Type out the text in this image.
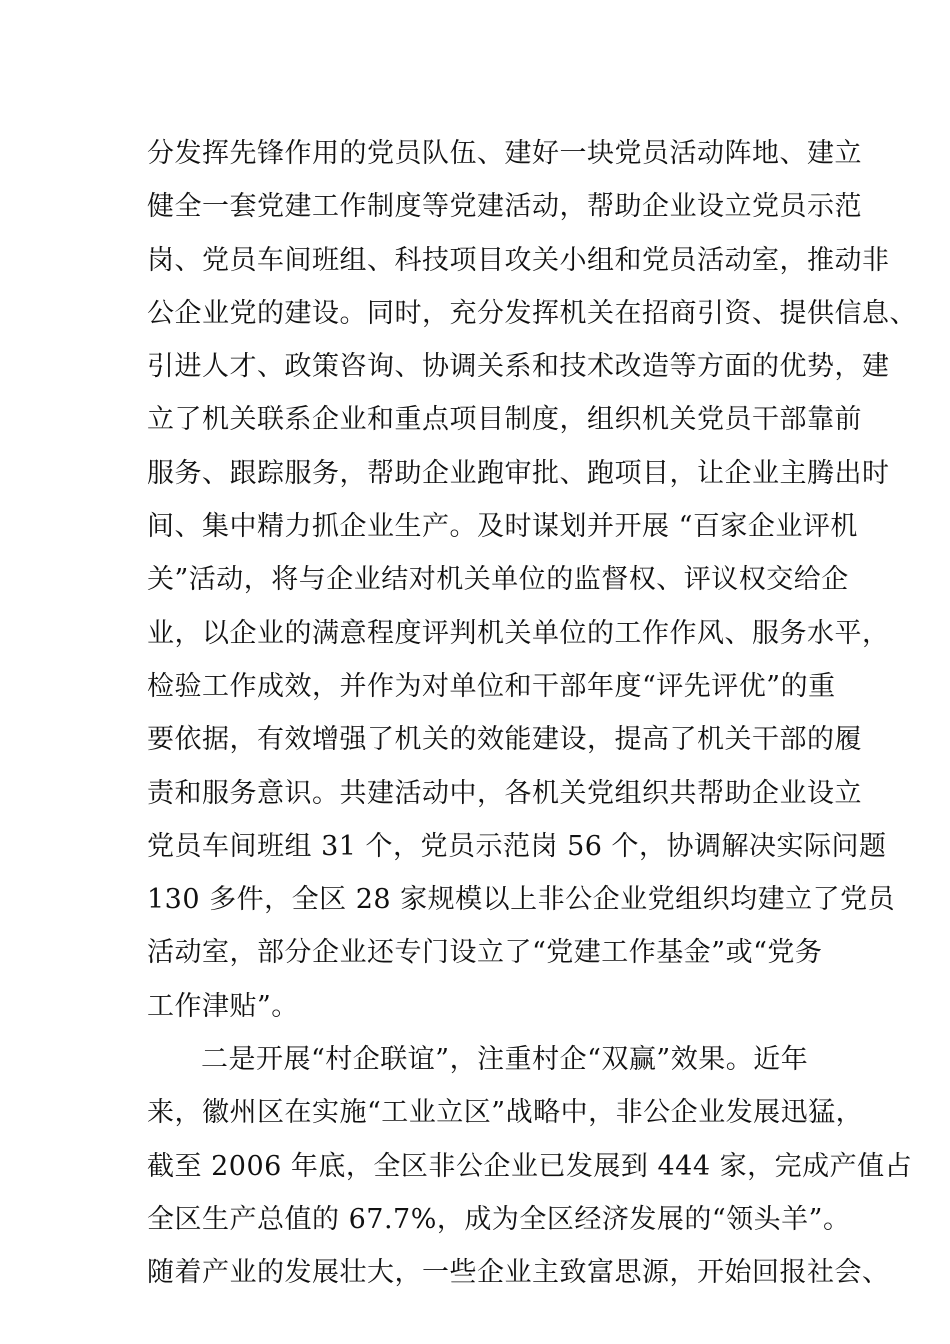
分发挥先锋作用的党员队伍、建好一块党员活动阵地、建立
健全一套党建工作制度等党建活动，帮助企业设立党员示范
岗、党员车间班组、科技项目攻关小组和党员活动室，推动非
公企业党的建设。同时，充分发挥机关在招商引资、提供信息、
引进人才、政策咨询、协调关系和技术改造等方面的优势，建
立了机关联系企业和重点项目制度，组织机关党员干部靠前
服务、跟踪服务，帮助企业跑审批、跑项目，让企业主腾出时
间、集中精力抓企业生产。及时谋划并开展 “百家企业评机
关”活动，将与企业结对机关单位的监督权、评议权交给企
业，以企业的满意程度评判机关单位的工作作风、服务水平，
检验工作成效，并作为对单位和干部年度“评先评优”的重
要依据，有效增强了机关的效能建设，提高了机关干部的履
责和服务意识。共建活动中，各机关党组织共帮助企业设立
党员车间班组 31 个，党员示范岗 56 个，协调解决实际问题
130 多件，全区 28 家规模以上非公企业党组织均建立了党员
活动室，部分企业还专门设立了“党建工作基金”或“党务
工作津贴”。
二是开展“村企联谊”，注重村企“双赢”效果。近年
来，徽州区在实施“工业立区”战略中，非公企业发展迅猛，
截至 2006 年底，全区非公企业已发展到 444 家，完成产值占
全区生产总值的 67.7%，成为全区经济发展的“领头羊”。
随着产业的发展壮大，一些企业主致富思源，开始回报社会、
